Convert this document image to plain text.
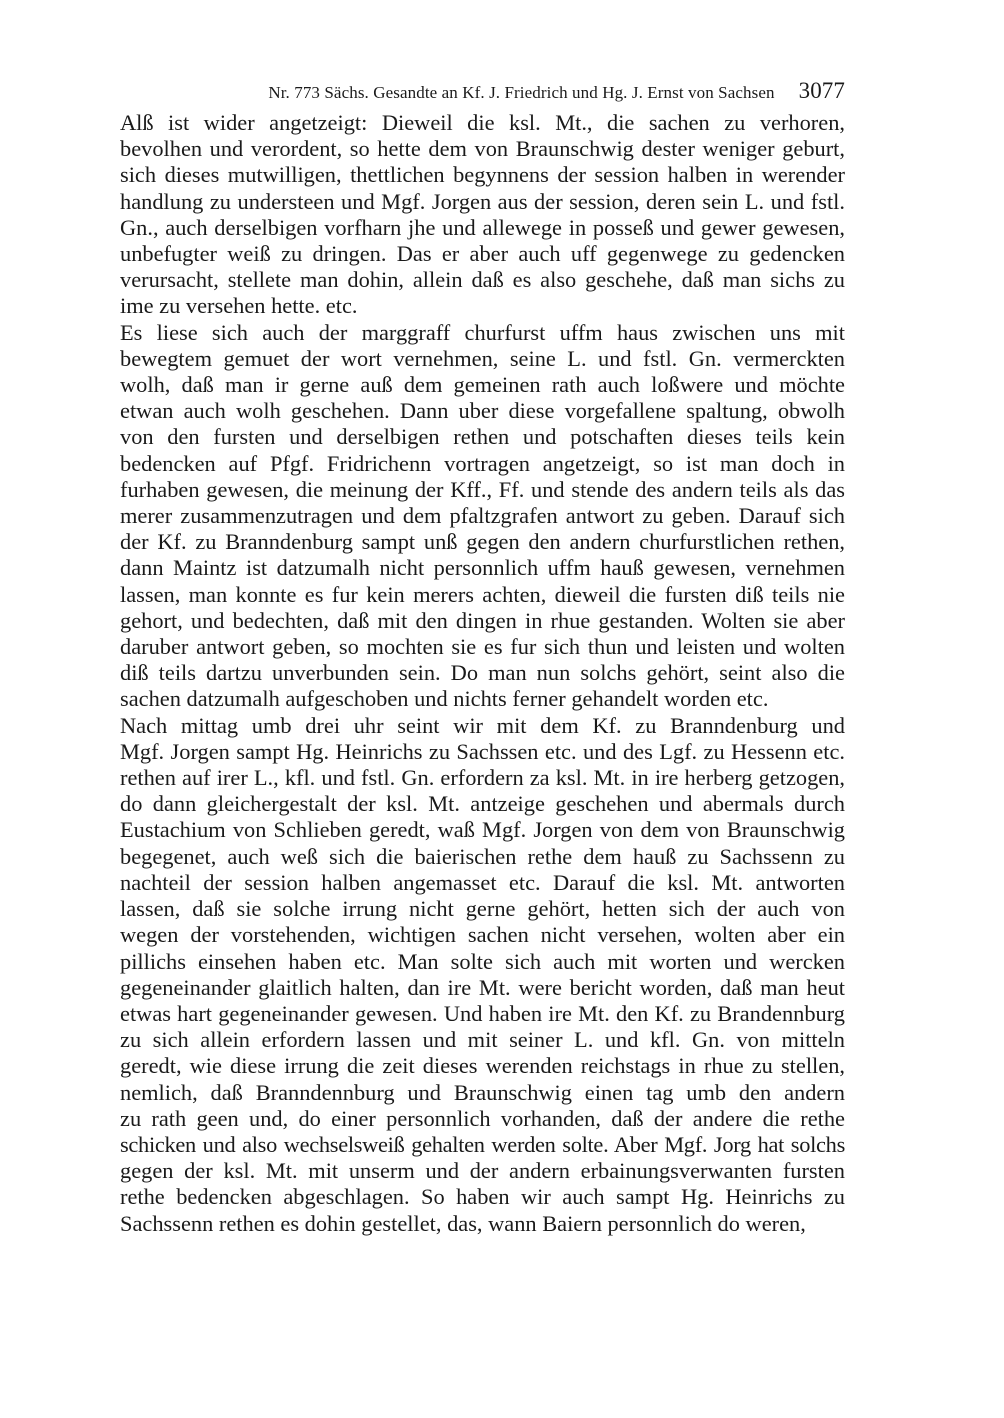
Nr. 773 Sächs. Gesandte an Kf. J. Friedrich und Hg. J. Ernst von Sachsen 3077
Alß ist wider angetzeigt: Dieweil die ksl. Mt., die sachen zu verhoren,
bevolhen und verordent, so hette dem von Braunschwig dester weniger geburt,
sich dieses mutwilligen, thettlichen begynnens der session halben in werender
handlung zu understeen und Mgf. Jorgen aus der session, deren sein L. und fstl.
Gn., auch derselbigen vorfharn jhe und allewege in posseß und gewer gewesen,
unbefugter weiß zu dringen. Das er aber auch uff gegenwege zu gedencken
verursacht, stellete man dohin, allein daß es also geschehe, daß man sichs zu
ime zu versehen hette. etc.
Es liese sich auch der marggraff churfurst uffm haus zwischen uns mit
bewegtem gemuet der wort vernehmen, seine L. und fstl. Gn. vermerckten
wolh, daß man ir gerne auß dem gemeinen rath auch loßwere und möchte
etwan auch wolh geschehen. Dann uber diese vorgefallene spaltung, obwolh
von den fursten und derselbigen rethen und potschaften dieses teils kein
bedencken auf Pfgf. Fridrichenn vortragen angetzeigt, so ist man doch in
furhaben gewesen, die meinung der Kff., Ff. und stende des andern teils als das
merer zusammenzutragen und dem pfaltzgrafen antwort zu geben. Darauf sich
der Kf. zu Branndenburg sampt unß gegen den andern churfurstlichen rethen,
dann Maintz ist datzumalh nicht personnlich uffm hauß gewesen, vernehmen
lassen, man konnte es fur kein merers achten, dieweil die fursten diß teils nie
gehort, und bedechten, daß mit den dingen in rhue gestanden. Wolten sie aber
daruber antwort geben, so mochten sie es fur sich thun und leisten und wolten
diß teils dartzu unverbunden sein. Do man nun solchs gehört, seint also die
sachen datzumalh aufgeschoben und nichts ferner gehandelt worden etc.
Nach mittag umb drei uhr seint wir mit dem Kf. zu Branndenburg und
Mgf. Jorgen sampt Hg. Heinrichs zu Sachssen etc. und des Lgf. zu Hessenn etc.
rethen auf irer L., kfl. und fstl. Gn. erfordern za ksl. Mt. in ire herberg getzogen,
do dann gleichergestalt der ksl. Mt. antzeige geschehen und abermals durch
Eustachium von Schlieben geredt, waß Mgf. Jorgen von dem von Braunschwig
begegenet, auch weß sich die baierischen rethe dem hauß zu Sachssenn zu
nachteil der session halben angemasset etc. Darauf die ksl. Mt. antworten
lassen, daß sie solche irrung nicht gerne gehört, hetten sich der auch von
wegen der vorstehenden, wichtigen sachen nicht versehen, wolten aber ein
pillichs einsehen haben etc. Man solte sich auch mit worten und wercken
gegeneinander glaitlich halten, dan ire Mt. were bericht worden, daß man heut
etwas hart gegeneinander gewesen. Und haben ire Mt. den Kf. zu Brandennburg
zu sich allein erfordern lassen und mit seiner L. und kfl. Gn. von mitteln
geredt, wie diese irrung die zeit dieses werenden reichstags in rhue zu stellen,
nemlich, daß Branndennburg und Braunschwig einen tag umb den andern
zu rath geen und, do einer personnlich vorhanden, daß der andere die rethe
schicken und also wechselsweiß gehalten werden solte. Aber Mgf. Jorg hat solchs
gegen der ksl. Mt. mit unserm und der andern erbainungsverwanten fursten
rethe bedencken abgeschlagen. So haben wir auch sampt Hg. Heinrichs zu
Sachssenn rethen es dohin gestellet, das, wann Baiern personnlich do weren,
